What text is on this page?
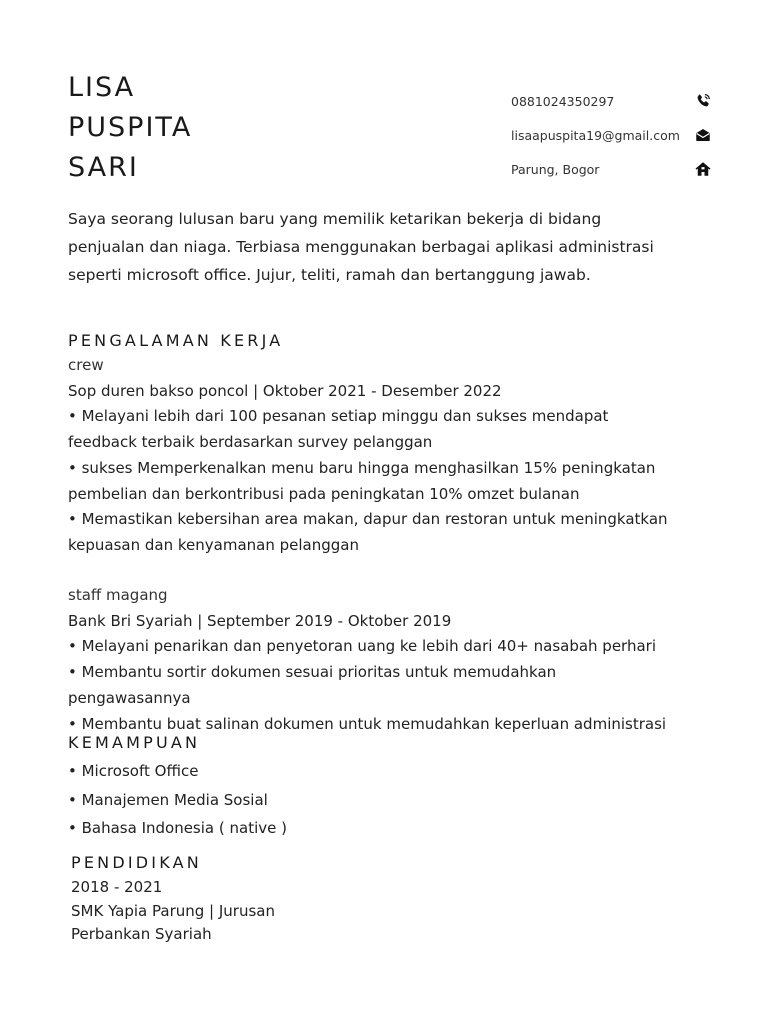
LISA
PUSPITA
SARI
0881024350297
lisaapuspita19@gmail.com
Parung, Bogor
Saya seorang lulusan baru yang memilik ketarikan bekerja di bidang penjualan dan niaga. Terbiasa menggunakan berbagai aplikasi administrasi seperti microsoft office. Jujur, teliti, ramah dan bertanggung jawab.
PENGALAMAN KERJA
crew
Sop duren bakso poncol | Oktober 2021 - Desember 2022
• Melayani lebih dari 100 pesanan setiap minggu dan sukses mendapat feedback terbaik berdasarkan survey pelanggan
• sukses Memperkenalkan menu baru hingga menghasilkan 15% peningkatan pembelian dan berkontribusi pada peningkatan 10% omzet bulanan
• Memastikan kebersihan area makan, dapur dan restoran untuk meningkatkan kepuasan dan kenyamanan pelanggan
staff magang
Bank Bri Syariah | September 2019 - Oktober 2019
• Melayani penarikan dan penyetoran uang ke lebih dari 40+ nasabah perhari
• Membantu sortir dokumen sesuai prioritas untuk memudahkan pengawasannya
• Membantu buat salinan dokumen untuk memudahkan keperluan administrasi
KEMAMPUAN
• Microsoft Office
• Manajemen Media Sosial
• Bahasa Indonesia ( native )
PENDIDIKAN
2018 - 2021
SMK Yapia Parung | Jurusan
Perbankan Syariah
